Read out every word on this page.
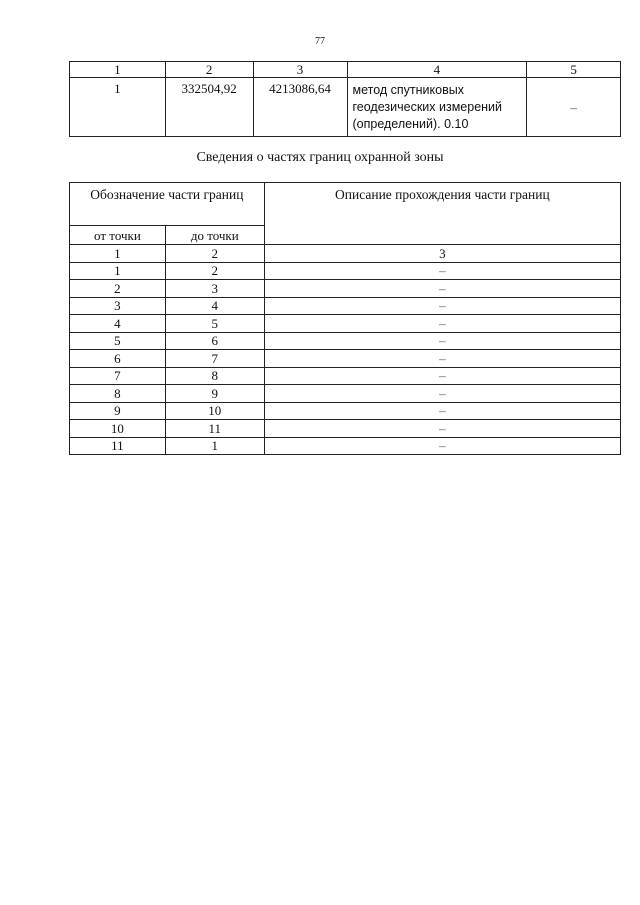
77
1	2	3	4	5
1	332504,92	4213086,64	метод спутниковых
геодезических измерений
(определений). 0.10	–
Сведения о частях границ охранной зоны
Обозначение части границ		Описание прохождения части границ
от точки	до точки	
1	2	3
1	2	–
2	3	–
3	4	–
4	5	–
5	6	–
6	7	–
7	8	–
8	9	–
9	10	–
10	11	–
11	1	–
